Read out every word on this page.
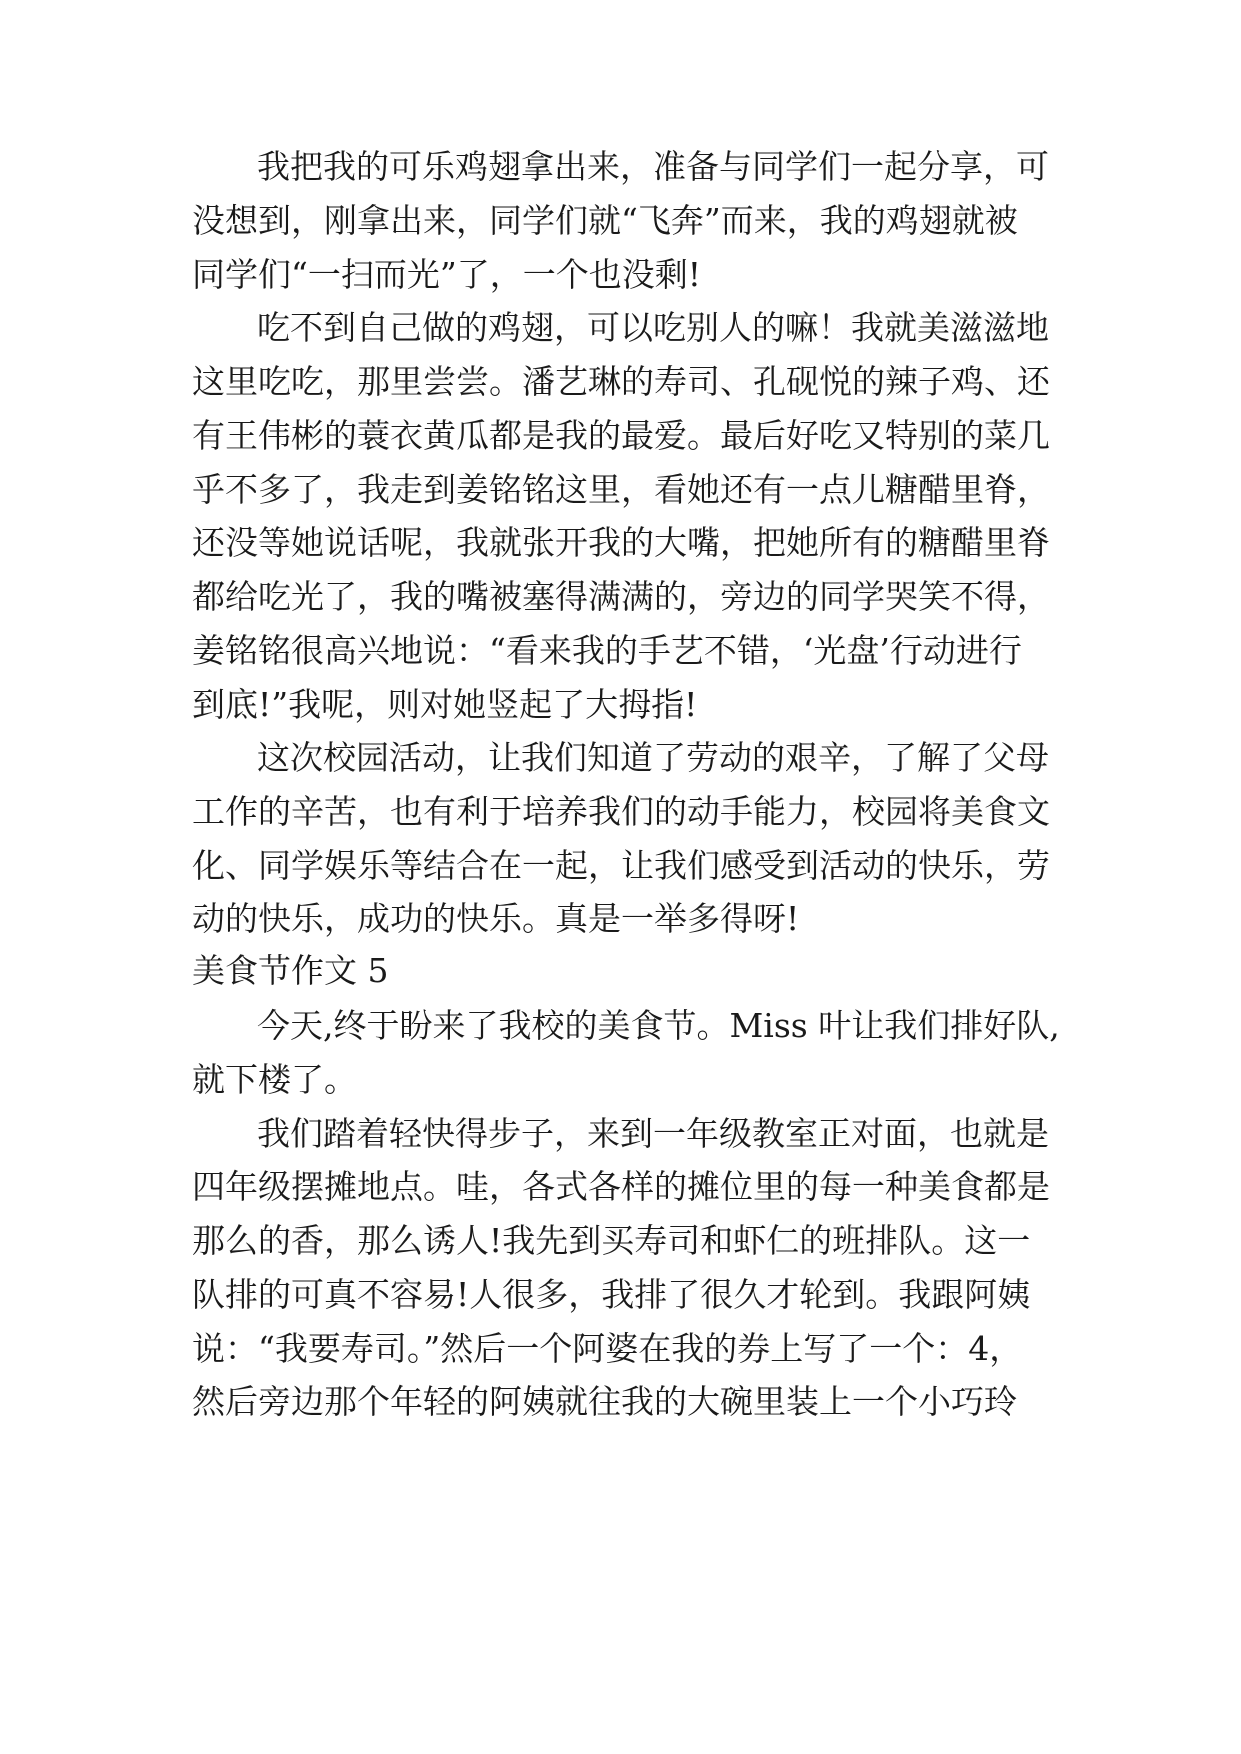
我把我的可乐鸡翅拿出来，准备与同学们一起分享，可
没想到，刚拿出来，同学们就“飞奔”而来，我的鸡翅就被
同学们“一扫而光”了，一个也没剩!
吃不到自己做的鸡翅，可以吃别人的嘛！我就美滋滋地
这里吃吃，那里尝尝。潘艺琳的寿司、孔砚悦的辣子鸡、还
有王伟彬的蓑衣黄瓜都是我的最爱。最后好吃又特别的菜几
乎不多了，我走到姜铭铭这里，看她还有一点儿糖醋里脊，
还没等她说话呢，我就张开我的大嘴，把她所有的糖醋里脊
都给吃光了，我的嘴被塞得满满的，旁边的同学哭笑不得，
姜铭铭很高兴地说：“看来我的手艺不错，‘光盘’行动进行
到底!”我呢，则对她竖起了大拇指!
这次校园活动，让我们知道了劳动的艰辛，了解了父母
工作的辛苦，也有利于培养我们的动手能力，校园将美食文
化、同学娱乐等结合在一起，让我们感受到活动的快乐，劳
动的快乐，成功的快乐。真是一举多得呀!
美食节作文 5
今天,终于盼来了我校的美食节。Miss 叶让我们排好队,
就下楼了。
我们踏着轻快得步子，来到一年级教室正对面，也就是
四年级摆摊地点。哇，各式各样的摊位里的每一种美食都是
那么的香，那么诱人!我先到买寿司和虾仁的班排队。这一
队排的可真不容易!人很多，我排了很久才轮到。我跟阿姨
说：“我要寿司。”然后一个阿婆在我的券上写了一个：4，
然后旁边那个年轻的阿姨就往我的大碗里装上一个小巧玲
